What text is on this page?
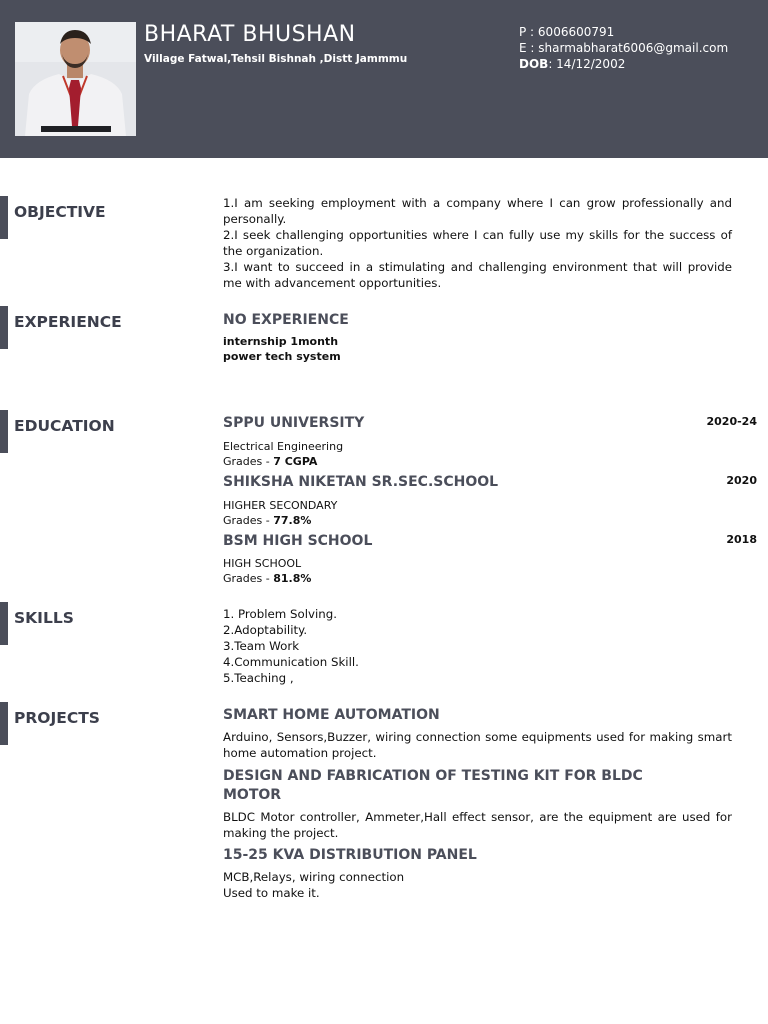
BHARAT BHUSHAN
Village Fatwal,Tehsil Bishnah ,Distt Jammmu
P : 6006600791
E : sharmabharat6006@gmail.com
DOB: 14/12/2002
OBJECTIVE	1.I am seeking employment with a company where I can grow professionally and personally.
2.I seek challenging opportunities where I can fully use my skills for the success of the organization.
3.I want to succeed in a stimulating and challenging environment that will provide me with advancement opportunities.
EXPERIENCE	NO EXPERIENCE
internship 1month
power tech system
EDUCATION	SPPU UNIVERSITY	2020-24
Electrical Engineering
Grades - 7 CGPA
SHIKSHA NIKETAN SR.SEC.SCHOOL	2020
HIGHER SECONDARY
Grades - 77.8%
BSM HIGH SCHOOL	2018
HIGH SCHOOL
Grades - 81.8%
SKILLS	1. Problem Solving.
2.Adoptability.
3.Team Work
4.Communication Skill.
5.Teaching ,
PROJECTS	SMART HOME AUTOMATION
Arduino, Sensors,Buzzer, wiring connection some equipments used for making smart home automation project.
DESIGN AND FABRICATION OF TESTING KIT FOR BLDC
MOTOR
BLDC Motor controller, Ammeter,Hall effect sensor, are the equipment are used for making the project.
15-25 KVA DISTRIBUTION PANEL
MCB,Relays, wiring connection
Used to make it.
